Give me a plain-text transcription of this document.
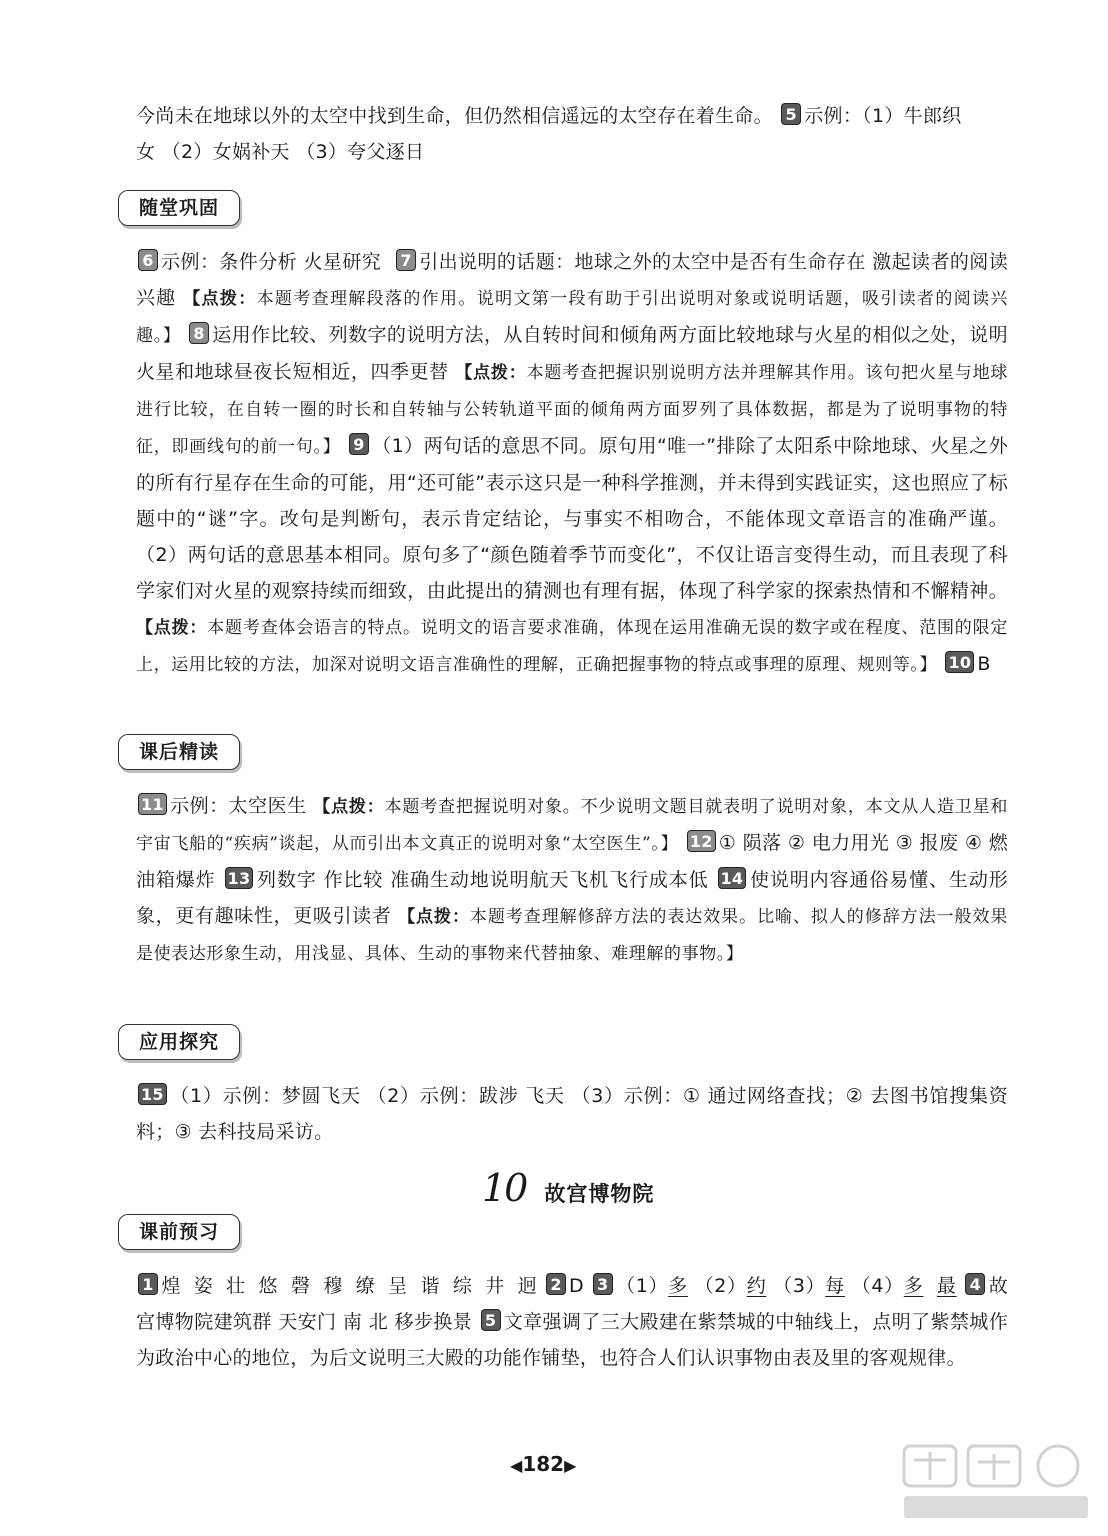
今尚未在地球以外的太空中找到生命，但仍然相信遥远的太空存在着生命。 5 示例：（1）牛郎织
女 （2）女娲补天 （3）夸父逐日

随堂巩固

6 示例：条件分析 火星研究 7 引出说明的话题：地球之外的太空中是否有生命存在 激起读者的阅读兴趣 【点拨：本题考查理解段落的作用。说明文第一段有助于引出说明对象或说明话题，吸引读者的阅读兴趣。】 8 运用作比较、列数字的说明方法，从自转时间和倾角两方面比较地球与火星的相似之处，说明火星和地球昼夜长短相近，四季更替 【点拨：本题考查把握识别说明方法并理解其作用。该句把火星与地球进行比较，在自转一圈的时长和自转轴与公转轨道平面的倾角两方面罗列了具体数据，都是为了说明事物的特征，即画线句的前一句。】 9 （1）两句话的意思不同。原句用“唯一”排除了太阳系中除地球、火星之外的所有行星存在生命的可能，用“还可能”表示这只是一种科学推测，并未得到实践证实，这也照应了标题中的“谜”字。改句是判断句，表示肯定结论，与事实不相吻合，不能体现文章语言的准确严谨。 （2）两句话的意思基本相同。原句多了“颜色随着季节而变化”，不仅让语言变得生动，而且表现了科学家们对火星的观察持续而细致，由此提出的猜测也有理有据，体现了科学家的探索热情和不懈精神。 【点拨：本题考查体会语言的特点。说明文的语言要求准确，体现在运用准确无误的数字或在程度、范围的限定上，运用比较的方法，加深对说明文语言准确性的理解，正确把握事物的特点或事理的原理、规则等。】 10 B

课后精读

11 示例：太空医生 【点拨：本题考查把握说明对象。不少说明文题目就表明了说明对象，本文从人造卫星和宇宙飞船的“疾病”谈起，从而引出本文真正的说明对象“太空医生”。】 12 ① 陨落 ② 电力用光 ③ 报废 ④ 燃油箱爆炸 13 列数字 作比较 准确生动地说明航天飞机飞行成本低 14 使说明内容通俗易懂、生动形象，更有趣味性，更吸引读者 【点拨：本题考查理解修辞方法的表达效果。比喻、拟人的修辞方法一般效果是使表达形象生动，用浅显、具体、生动的事物来代替抽象、难理解的事物。】

应用探究

15 （1）示例：梦圆飞天 （2）示例：跋涉 飞天 （3）示例：① 通过网络查找；② 去图书馆搜集资料；③ 去科技局采访。

10 故宫博物院
课前预习

1 煌 姿 壮 悠 磬 穆 缭 呈 谐 综 井 迥 2 D 3 （1）多 （2）约 （3）每 （4）多 最 4 故宫博物院建筑群 天安门 南 北 移步换景 5 文章强调了三大殿建在紫禁城的中轴线上，点明了紫禁城作为政治中心的地位，为后文说明三大殿的功能作铺垫，也符合人们认识事物由表及里的客观规律。

◀182▶
